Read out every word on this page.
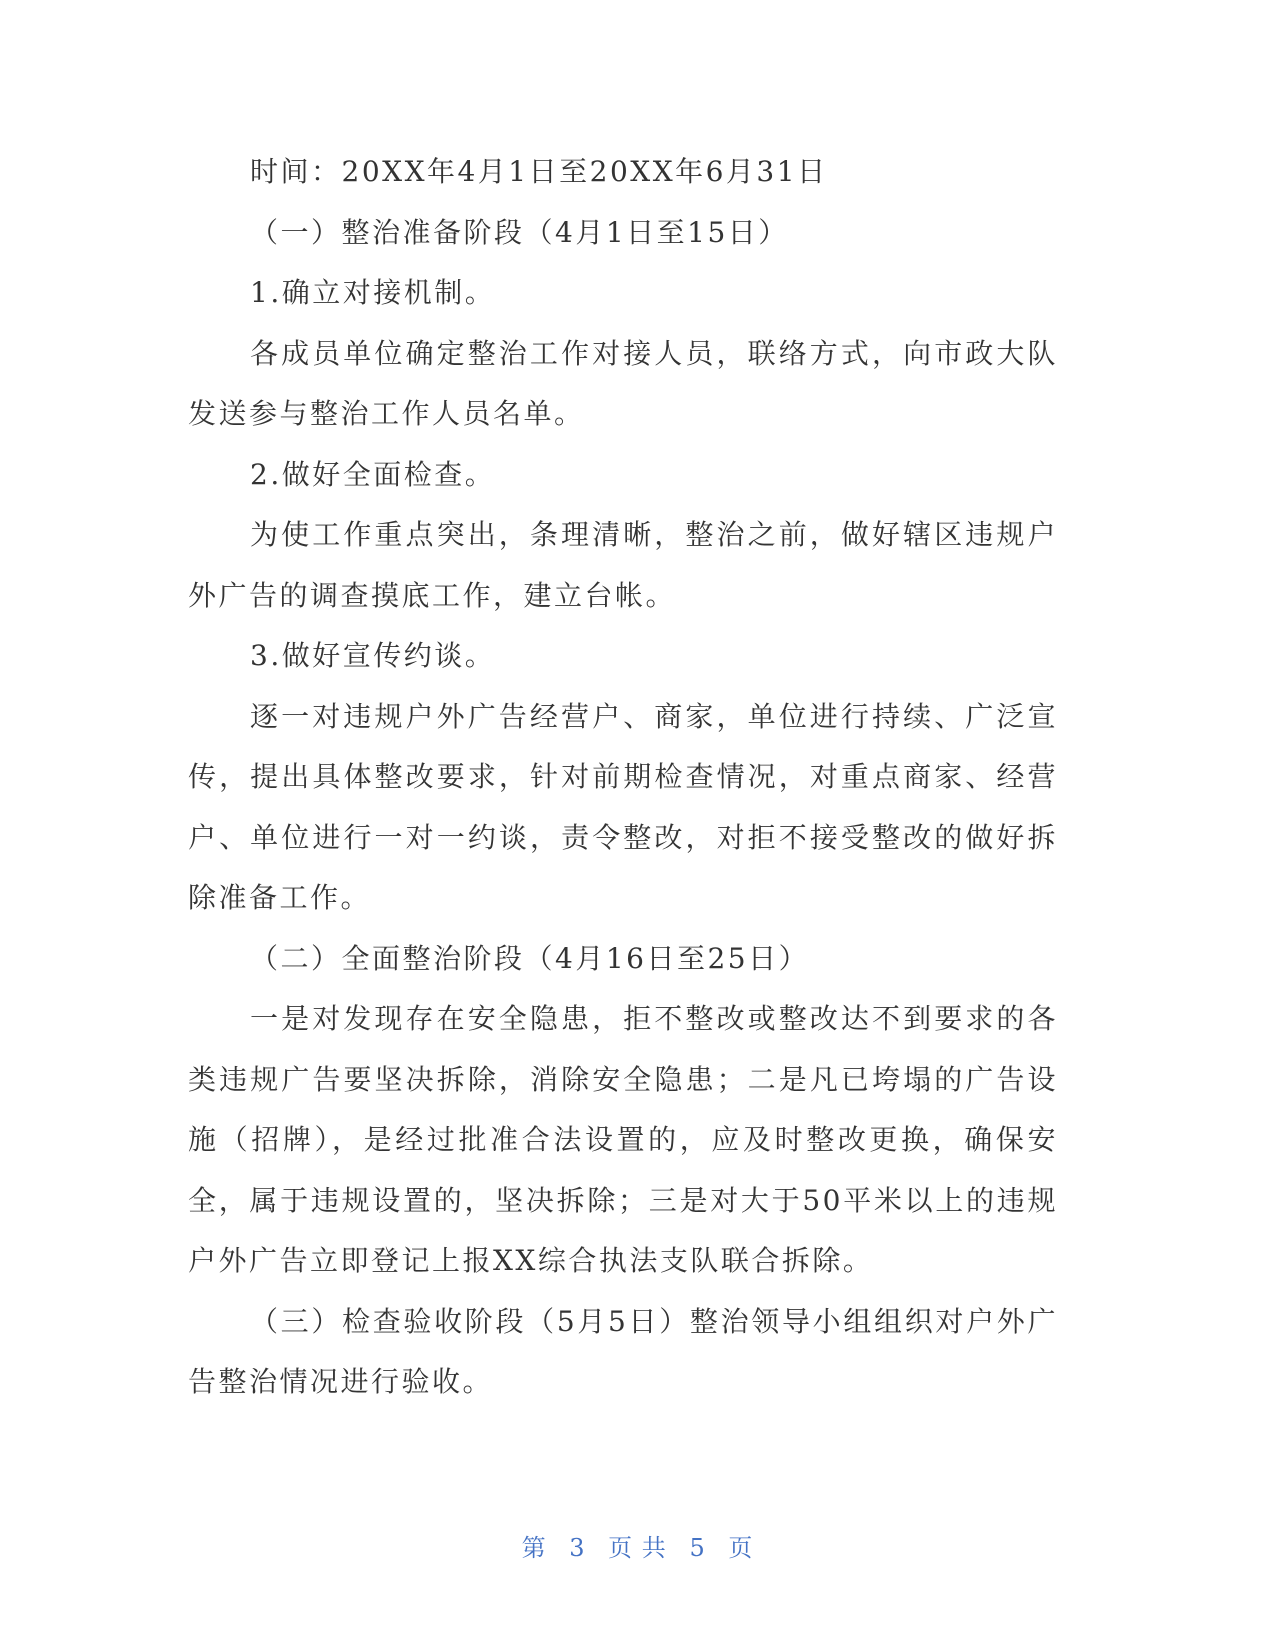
时间：20XX年4月1日至20XX年6月31日

（一）整治准备阶段（4月1日至15日）

1.确立对接机制。

各成员单位确定整治工作对接人员，联络方式，向市政大队发送参与整治工作人员名单。

2.做好全面检查。

为使工作重点突出，条理清晰，整治之前，做好辖区违规户外广告的调查摸底工作，建立台帐。

3.做好宣传约谈。

逐一对违规户外广告经营户、商家，单位进行持续、广泛宣传，提出具体整改要求，针对前期检查情况，对重点商家、经营户、单位进行一对一约谈，责令整改，对拒不接受整改的做好拆除准备工作。

（二）全面整治阶段（4月16日至25日）

一是对发现存在安全隐患，拒不整改或整改达不到要求的各类违规广告要坚决拆除，消除安全隐患；二是凡已垮塌的广告设施（招牌），是经过批准合法设置的，应及时整改更换，确保安全，属于违规设置的，坚决拆除；三是对大于50平米以上的违规户外广告立即登记上报XX综合执法支队联合拆除。

（三）检查验收阶段（5月5日）整治领导小组组织对户外广告整治情况进行验收。

第 3 页 共 5 页
